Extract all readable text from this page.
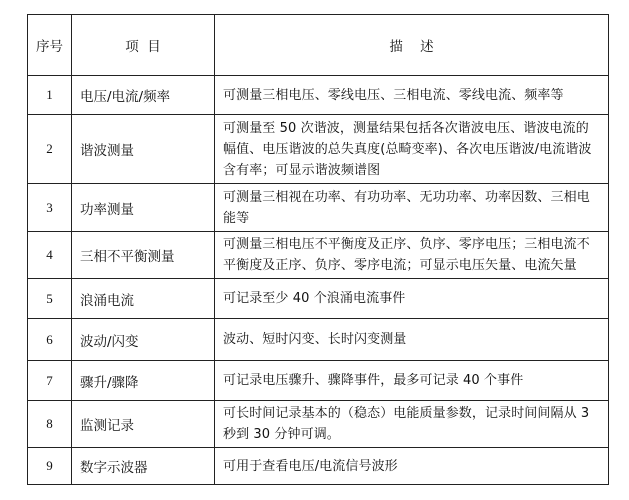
序号	项  目	描    述
1	电压/电流/频率	可测量三相电压、零线电压、三相电流、零线电流、频率等
2	谐波测量	可测量至 50 次谐波，测量结果包括各次谐波电压、谐波电流的幅值、电压谐波的总失真度(总畸变率)、各次电压谐波/电流谐波含有率；可显示谐波频谱图
3	功率测量	可测量三相视在功率、有功功率、无功功率、功率因数、三相电能等
4	三相不平衡测量	可测量三相电压不平衡度及正序、负序、零序电压；三相电流不平衡度及正序、负序、零序电流；可显示电压矢量、电流矢量
5	浪涌电流	可记录至少 40 个浪涌电流事件
6	波动/闪变	波动、短时闪变、长时闪变测量
7	骤升/骤降	可记录电压骤升、骤降事件，最多可记录 40 个事件
8	监测记录	可长时间记录基本的（稳态）电能质量参数，记录时间间隔从 3 秒到 30 分钟可调。
9	数字示波器	可用于查看电压/电流信号波形
